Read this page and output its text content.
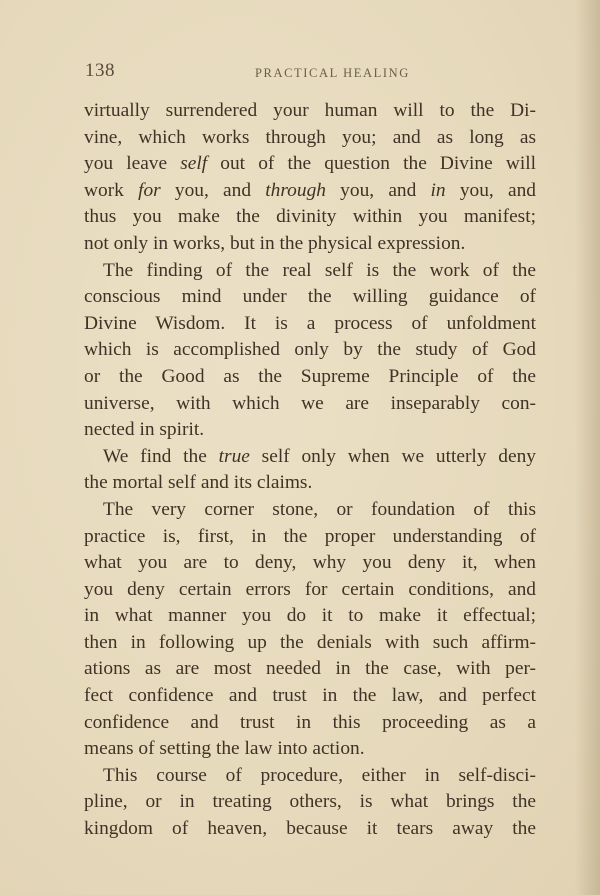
138	PRACTICAL HEALING
virtually surrendered your human will to the Di-
vine, which works through you; and as long as
you leave self out of the question the Divine will
work for you, and through you, and in you, and
thus you make the divinity within you manifest;
not only in works, but in the physical expression.
The finding of the real self is the work of the
conscious mind under the willing guidance of
Divine Wisdom. It is a process of unfoldment
which is accomplished only by the study of God
or the Good as the Supreme Principle of the
universe, with which we are inseparably con-
nected in spirit.
We find the true self only when we utterly deny
the mortal self and its claims.
The very corner stone, or foundation of this
practice is, first, in the proper understanding of
what you are to deny, why you deny it, when
you deny certain errors for certain conditions, and
in what manner you do it to make it effectual;
then in following up the denials with such affirm-
ations as are most needed in the case, with per-
fect confidence and trust in the law, and perfect
confidence and trust in this proceeding as a
means of setting the law into action.
This course of procedure, either in self-disci-
pline, or in treating others, is what brings the
kingdom of heaven, because it tears away the
